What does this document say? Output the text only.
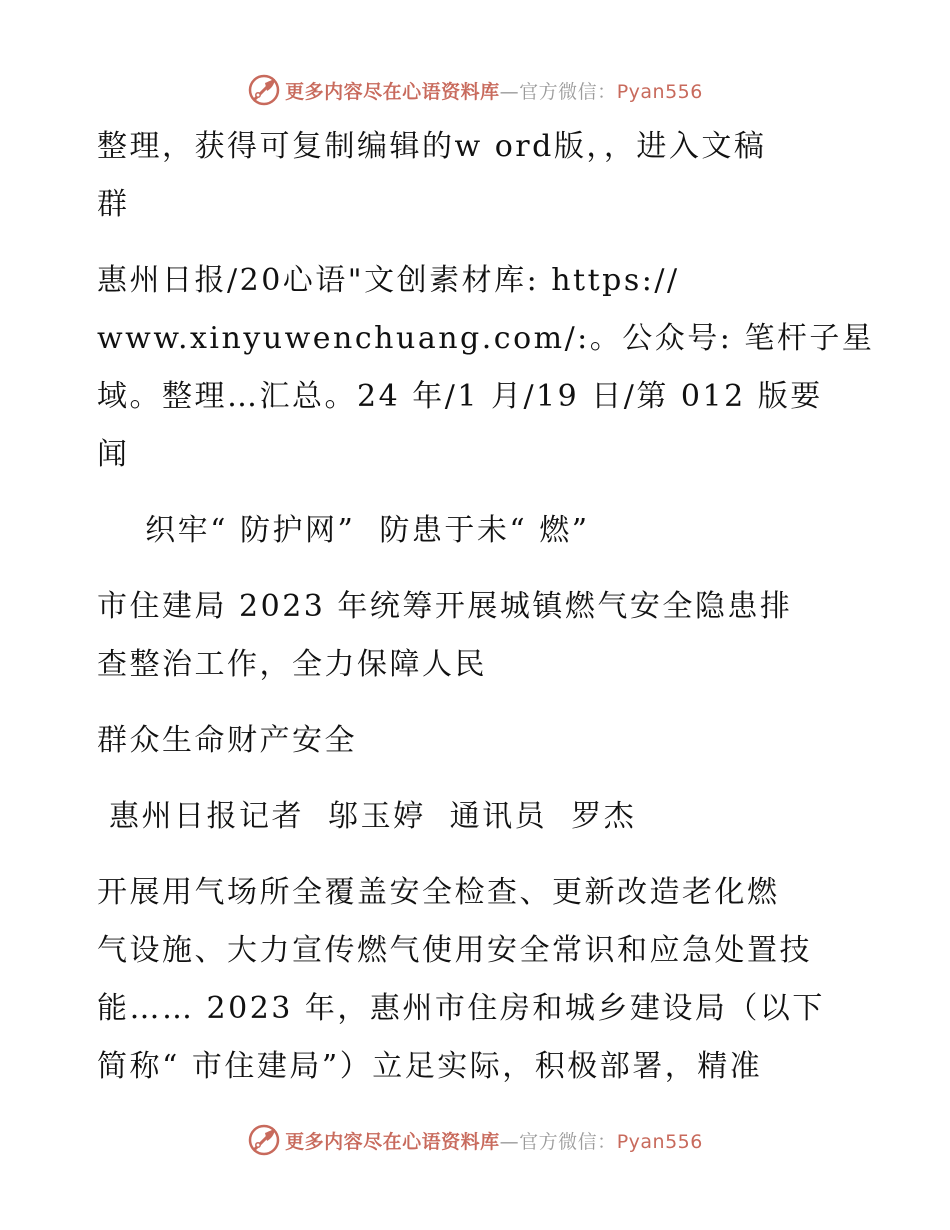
更多内容尽在心语资料库—官方微信：Pyan556
整理，获得可复制编辑的w ord版，，进入文稿
群
惠州日报/20心语"文创素材库: https://
www.xinyuwenchuang.com/:。公众号: 笔杆子星
域。整理…汇总。24 年/1 月/19 日/第 012 版要
闻
织牢“ 防护网”  防患于未“ 燃”
市住建局 2023 年统筹开展城镇燃气安全隐患排
查整治工作，全力保障人民
群众生命财产安全
惠州日报记者  邬玉婷  通讯员  罗杰
开展用气场所全覆盖安全检查、更新改造老化燃
气设施、大力宣传燃气使用安全常识和应急处置技
能…… 2023 年，惠州市住房和城乡建设局（以下
简称“ 市住建局”）立足实际，积极部署，精准
更多内容尽在心语资料库—官方微信：Pyan556
